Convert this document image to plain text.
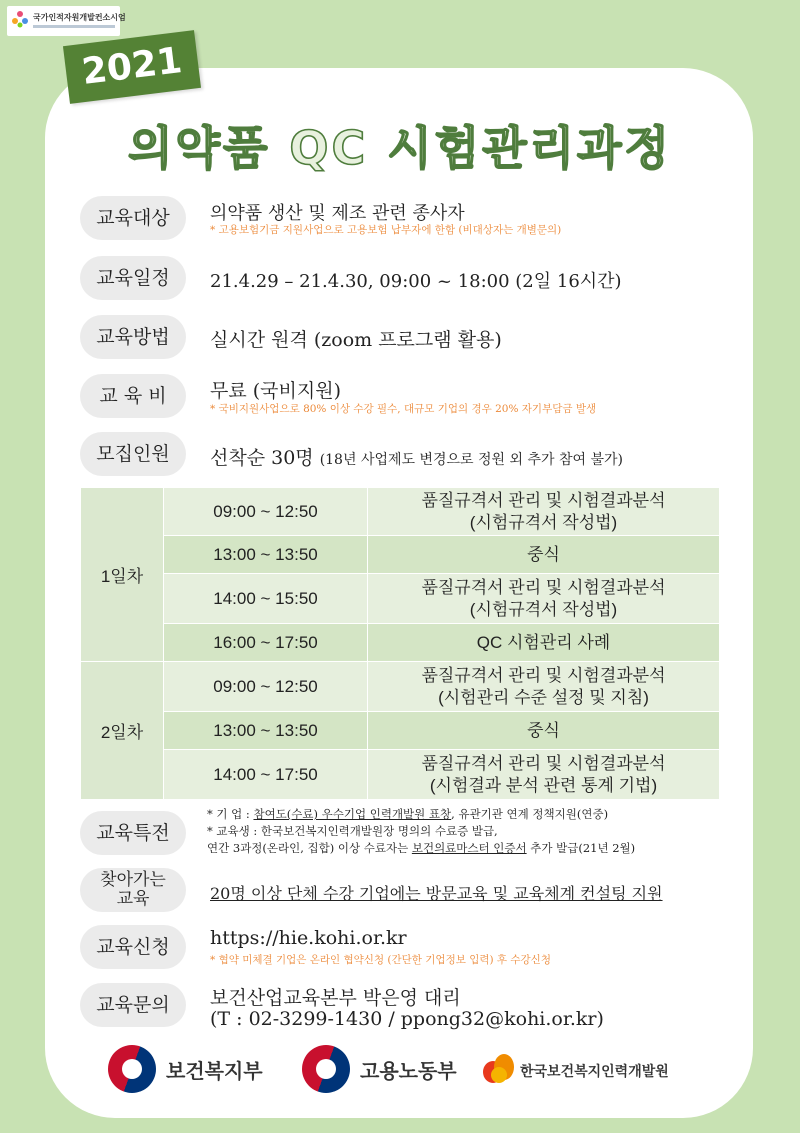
국가인적자원개발컨소시엄
2021
의약품 QC 시험관리과정
교육대상	의약품 생산 및 제조 관련 종사자
* 고용보험기금 지원사업으로 고용보험 납부자에 한함 (비대상자는 개별문의)
교육일정	21.4.29 – 21.4.30, 09:00 ~ 18:00 (2일 16시간)
교육방법	실시간 원격 (zoom 프로그램 활용)
교 육 비	무료 (국비지원)
* 국비지원사업으로 80% 이상 수강 필수, 대규모 기업의 경우 20% 자기부담금 발생
모집인원	선착순 30명 (18년 사업제도 변경으로 정원 외 추가 참여 불가)
1일차	09:00 ~ 12:50	품질규격서 관리 및 시험결과분석
(시험규격서 작성법)
	13:00 ~ 13:50	중식
	14:00 ~ 15:50	품질규격서 관리 및 시험결과분석
(시험규격서 작성법)
	16:00 ~ 17:50	QC 시험관리 사례
2일차	09:00 ~ 12:50	품질규격서 관리 및 시험결과분석
(시험관리 수준 설정 및 지침)
	13:00 ~ 13:50	중식
	14:00 ~ 17:50	품질규격서 관리 및 시험결과분석
(시험결과 분석 관련 통계 기법)
교육특전
* 기 업 : 참여도(수료) 우수기업 인력개발원 표창, 유관기관 연계 정책지원(연중)
* 교육생 : 한국보건복지인력개발원장 명의의 수료증 발급,
연간 3과정(온라인, 집합) 이상 수료자는 보건의료마스터 인증서 추가 발급(21년 2월)
찾아가는
교육	20명 이상 단체 수강 기업에는 방문교육 및 교육체계 컨설팅 지원
교육신청	https://hie.kohi.or.kr
* 협약 미체결 기업은 온라인 협약신청 (간단한 기업정보 입력) 후 수강신청
교육문의	보건산업교육본부 박은영 대리
(T : 02-3299-1430 / ppong32@kohi.or.kr)
보건복지부	고용노동부	한국보건복지인력개발원
